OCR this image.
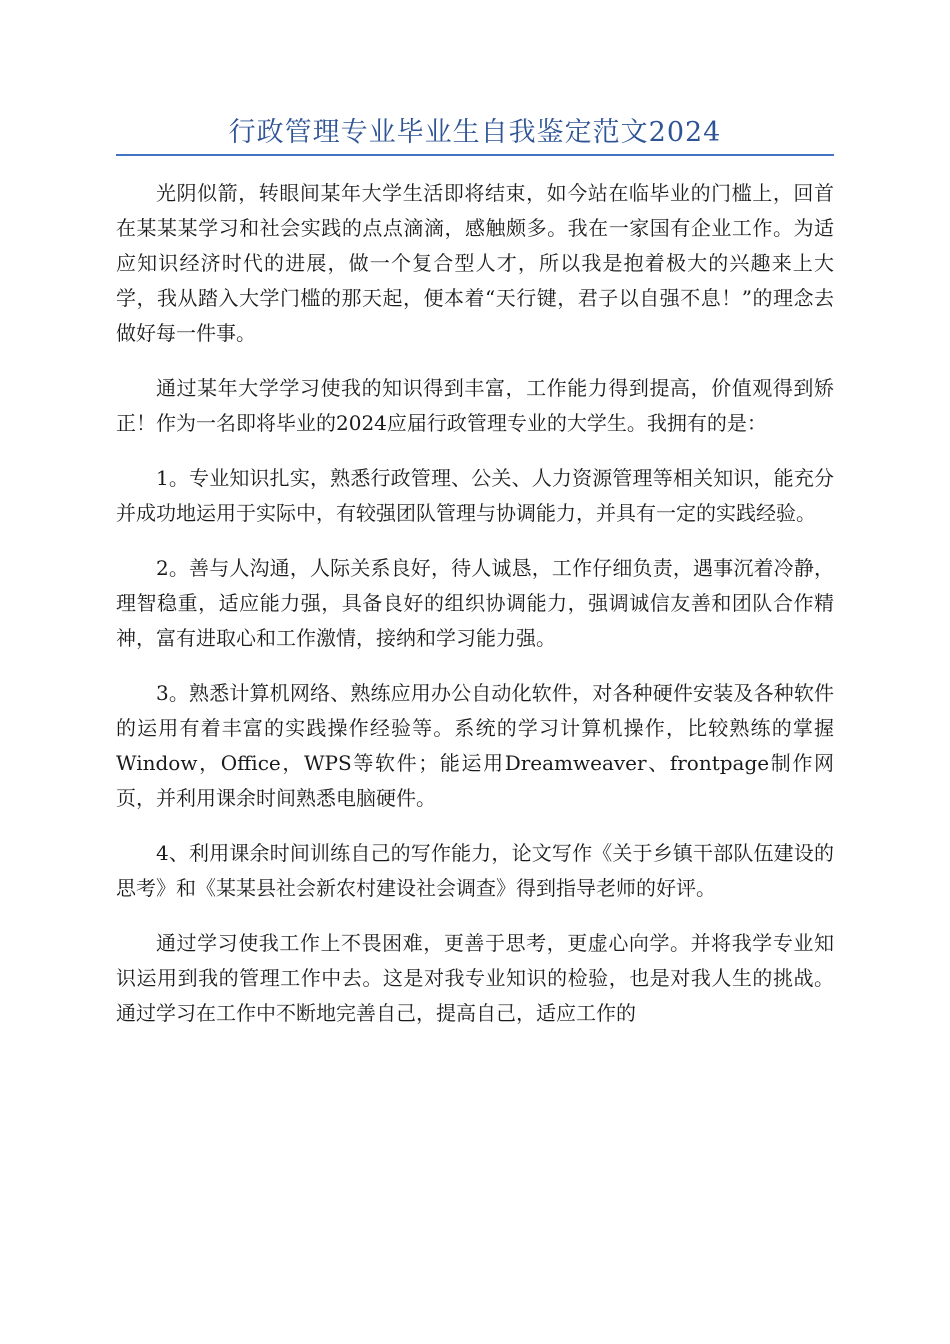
行政管理专业毕业生自我鉴定范文2024

光阴似箭，转眼间某年大学生活即将结束，如今站在临毕业的门槛上，回首在某某某学习和社会实践的点点滴滴，感触颇多。我在一家国有企业工作。为适应知识经济时代的进展，做一个复合型人才，所以我是抱着极大的兴趣来上大学，我从踏入大学门槛的那天起，便本着“天行键，君子以自强不息！”的理念去做好每一件事。

通过某年大学学习使我的知识得到丰富，工作能力得到提高，价值观得到矫正！作为一名即将毕业的2024应届行政管理专业的大学生。我拥有的是：

1。专业知识扎实，熟悉行政管理、公关、人力资源管理等相关知识，能充分并成功地运用于实际中，有较强团队管理与协调能力，并具有一定的实践经验。

2。善与人沟通，人际关系良好，待人诚恳，工作仔细负责，遇事沉着冷静，理智稳重，适应能力强，具备良好的组织协调能力，强调诚信友善和团队合作精神，富有进取心和工作激情，接纳和学习能力强。

3。熟悉计算机网络、熟练应用办公自动化软件，对各种硬件安装及各种软件的运用有着丰富的实践操作经验等。系统的学习计算机操作，比较熟练的掌握Window，Office，WPS等软件；能运用Dreamweaver、frontpage制作网页，并利用课余时间熟悉电脑硬件。

4、利用课余时间训练自己的写作能力，论文写作《关于乡镇干部队伍建设的思考》和《某某县社会新农村建设社会调查》得到指导老师的好评。

通过学习使我工作上不畏困难，更善于思考，更虚心向学。并将我学专业知识运用到我的管理工作中去。这是对我专业知识的检验，也是对我人生的挑战。通过学习在工作中不断地完善自己，提高自己，适应工作的
